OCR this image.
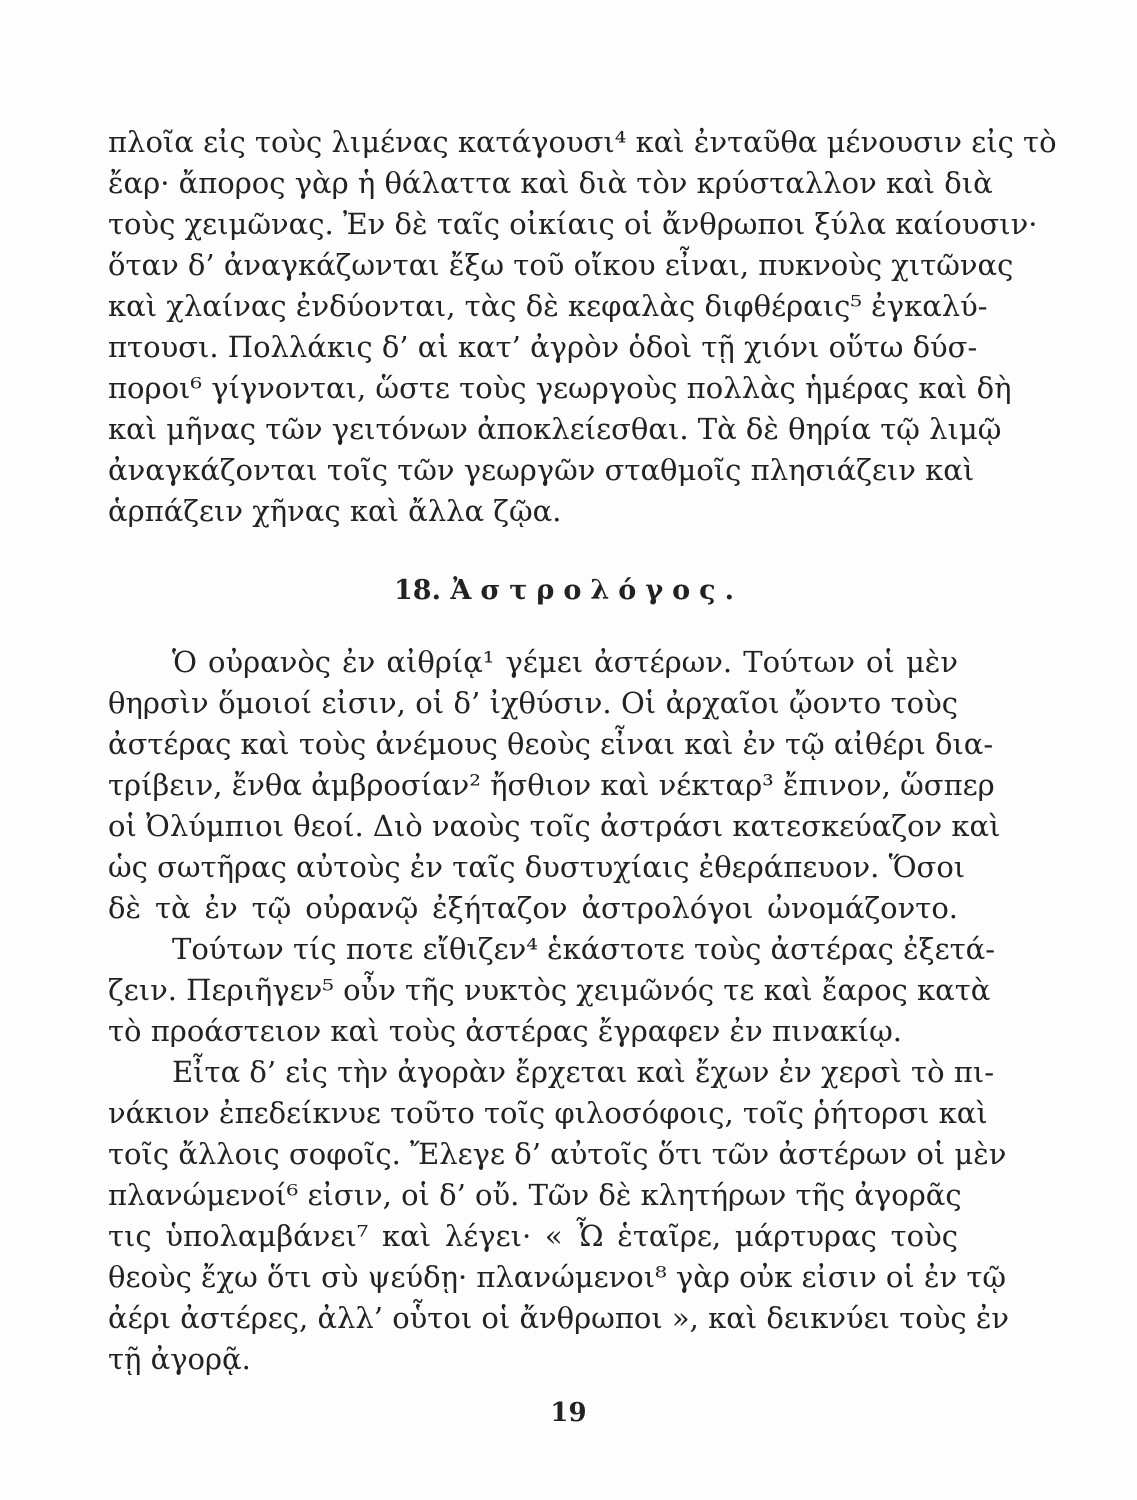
πλοῖα εἰς τοὺς λιμένας κατάγουσι⁴ καὶ ἐνταῦθα μένουσιν εἰς τὸ
ἔαρ· ἄπορος γὰρ ἡ θάλαττα καὶ διὰ τὸν κρύσταλλον καὶ διὰ
τοὺς χειμῶνας. Ἐν δὲ ταῖς οἰκίαις οἱ ἄνθρωποι ξύλα καίουσιν·
ὅταν δ’ ἀναγκάζωνται ἔξω τοῦ οἴκου εἶναι, πυκνοὺς χιτῶνας
καὶ χλαίνας ἐνδύονται, τὰς δὲ κεφαλὰς διφθέραις⁵ ἐγκαλύ-
πτουσι. Πολλάκις δ’ αἱ κατ’ ἀγρὸν ὁδοὶ τῇ χιόνι οὕτω δύσ-
ποροι⁶ γίγνονται, ὥστε τοὺς γεωργοὺς πολλὰς ἡμέρας καὶ δὴ
καὶ μῆνας τῶν γειτόνων ἀποκλείεσθαι. Τὰ δὲ θηρία τῷ λιμῷ
ἀναγκάζονται τοῖς τῶν γεωργῶν σταθμοῖς πλησιάζειν καὶ
ἁρπάζειν χῆνας καὶ ἄλλα ζῷα.
18. Ἀστρολόγος.
Ὁ οὐρανὸς ἐν αἰθρίᾳ¹ γέμει ἀστέρων. Τούτων οἱ μὲν
θηρσὶν ὅμοιοί εἰσιν, οἱ δ’ ἰχθύσιν. Οἱ ἀρχαῖοι ᾤοντο τοὺς
ἀστέρας καὶ τοὺς ἀνέμους θεοὺς εἶναι καὶ ἐν τῷ αἰθέρι δια-
τρίβειν, ἔνθα ἀμβροσίαν² ἤσθιον καὶ νέκταρ³ ἔπινον, ὥσπερ
οἱ Ὀλύμπιοι θεοί. Διὸ ναοὺς τοῖς ἀστράσι κατεσκεύαζον καὶ
ὡς σωτῆρας αὐτοὺς ἐν ταῖς δυστυχίαις ἐθεράπευον. Ὅσοι
δὲ τὰ ἐν τῷ οὐρανῷ ἐξήταζον ἀστρολόγοι ὠνομάζοντο.
Τούτων τίς ποτε εἴθιζεν⁴ ἑκάστοτε τοὺς ἀστέρας ἐξετά-
ζειν. Περιῆγεν⁵ οὖν τῆς νυκτὸς χειμῶνός τε καὶ ἔαρος κατὰ
τὸ προάστειον καὶ τοὺς ἀστέρας ἔγραφεν ἐν πινακίῳ.
Εἶτα δ’ εἰς τὴν ἀγορὰν ἔρχεται καὶ ἔχων ἐν χερσὶ τὸ πι-
νάκιον ἐπεδείκνυε τοῦτο τοῖς φιλοσόφοις, τοῖς ῥήτορσι καὶ
τοῖς ἄλλοις σοφοῖς. Ἔλεγε δ’ αὐτοῖς ὅτι τῶν ἀστέρων οἱ μὲν
πλανώμενοί⁶ εἰσιν, οἱ δ’ οὔ. Τῶν δὲ κλητήρων τῆς ἀγορᾶς
τις ὑπολαμβάνει⁷ καὶ λέγει· « Ὦ ἑταῖρε, μάρτυρας τοὺς
θεοὺς ἔχω ὅτι σὺ ψεύδῃ· πλανώμενοι⁸ γὰρ οὐκ εἰσιν οἱ ἐν τῷ
ἀέρι ἀστέρες, ἀλλ’ οὗτοι οἱ ἄνθρωποι », καὶ δεικνύει τοὺς ἐν
τῇ ἀγορᾷ.
19
